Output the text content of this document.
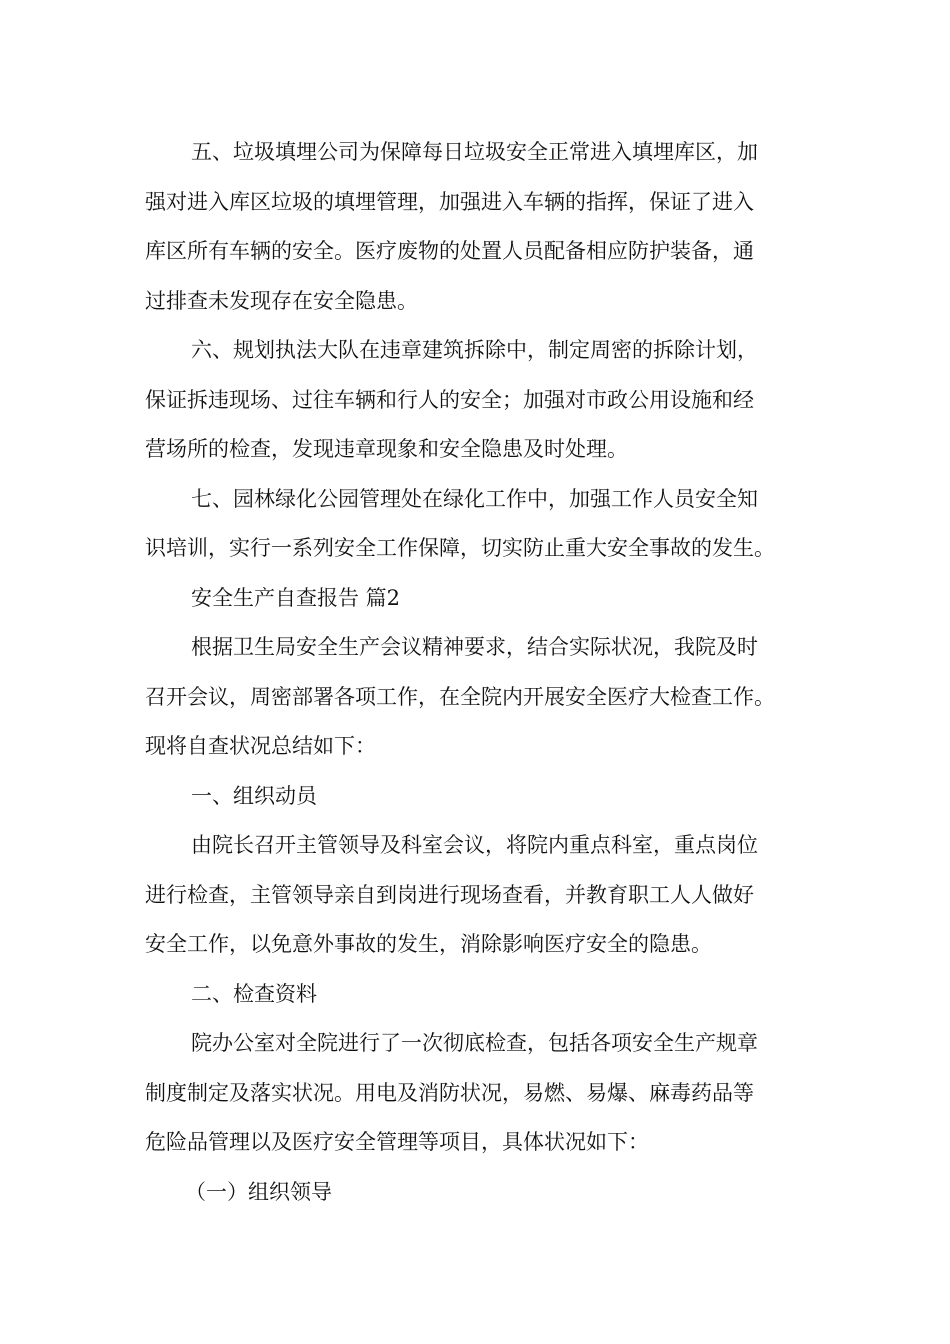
五、垃圾填埋公司为保障每日垃圾安全正常进入填埋库区，加
强对进入库区垃圾的填埋管理，加强进入车辆的指挥，保证了进入
库区所有车辆的安全。医疗废物的处置人员配备相应防护装备，通
过排查未发现存在安全隐患。
六、规划执法大队在违章建筑拆除中，制定周密的拆除计划，
保证拆违现场、过往车辆和行人的安全；加强对市政公用设施和经
营场所的检查，发现违章现象和安全隐患及时处理。
七、园林绿化公园管理处在绿化工作中，加强工作人员安全知
识培训，实行一系列安全工作保障，切实防止重大安全事故的发生。
安全生产自查报告 篇2
根据卫生局安全生产会议精神要求，结合实际状况，我院及时
召开会议，周密部署各项工作，在全院内开展安全医疗大检查工作。
现将自查状况总结如下：
一、组织动员
由院长召开主管领导及科室会议，将院内重点科室，重点岗位
进行检查，主管领导亲自到岗进行现场查看，并教育职工人人做好
安全工作，以免意外事故的发生，消除影响医疗安全的隐患。
二、检查资料
院办公室对全院进行了一次彻底检查，包括各项安全生产规章
制度制定及落实状况。用电及消防状况，易燃、易爆、麻毒药品等
危险品管理以及医疗安全管理等项目，具体状况如下：
（一）组织领导
